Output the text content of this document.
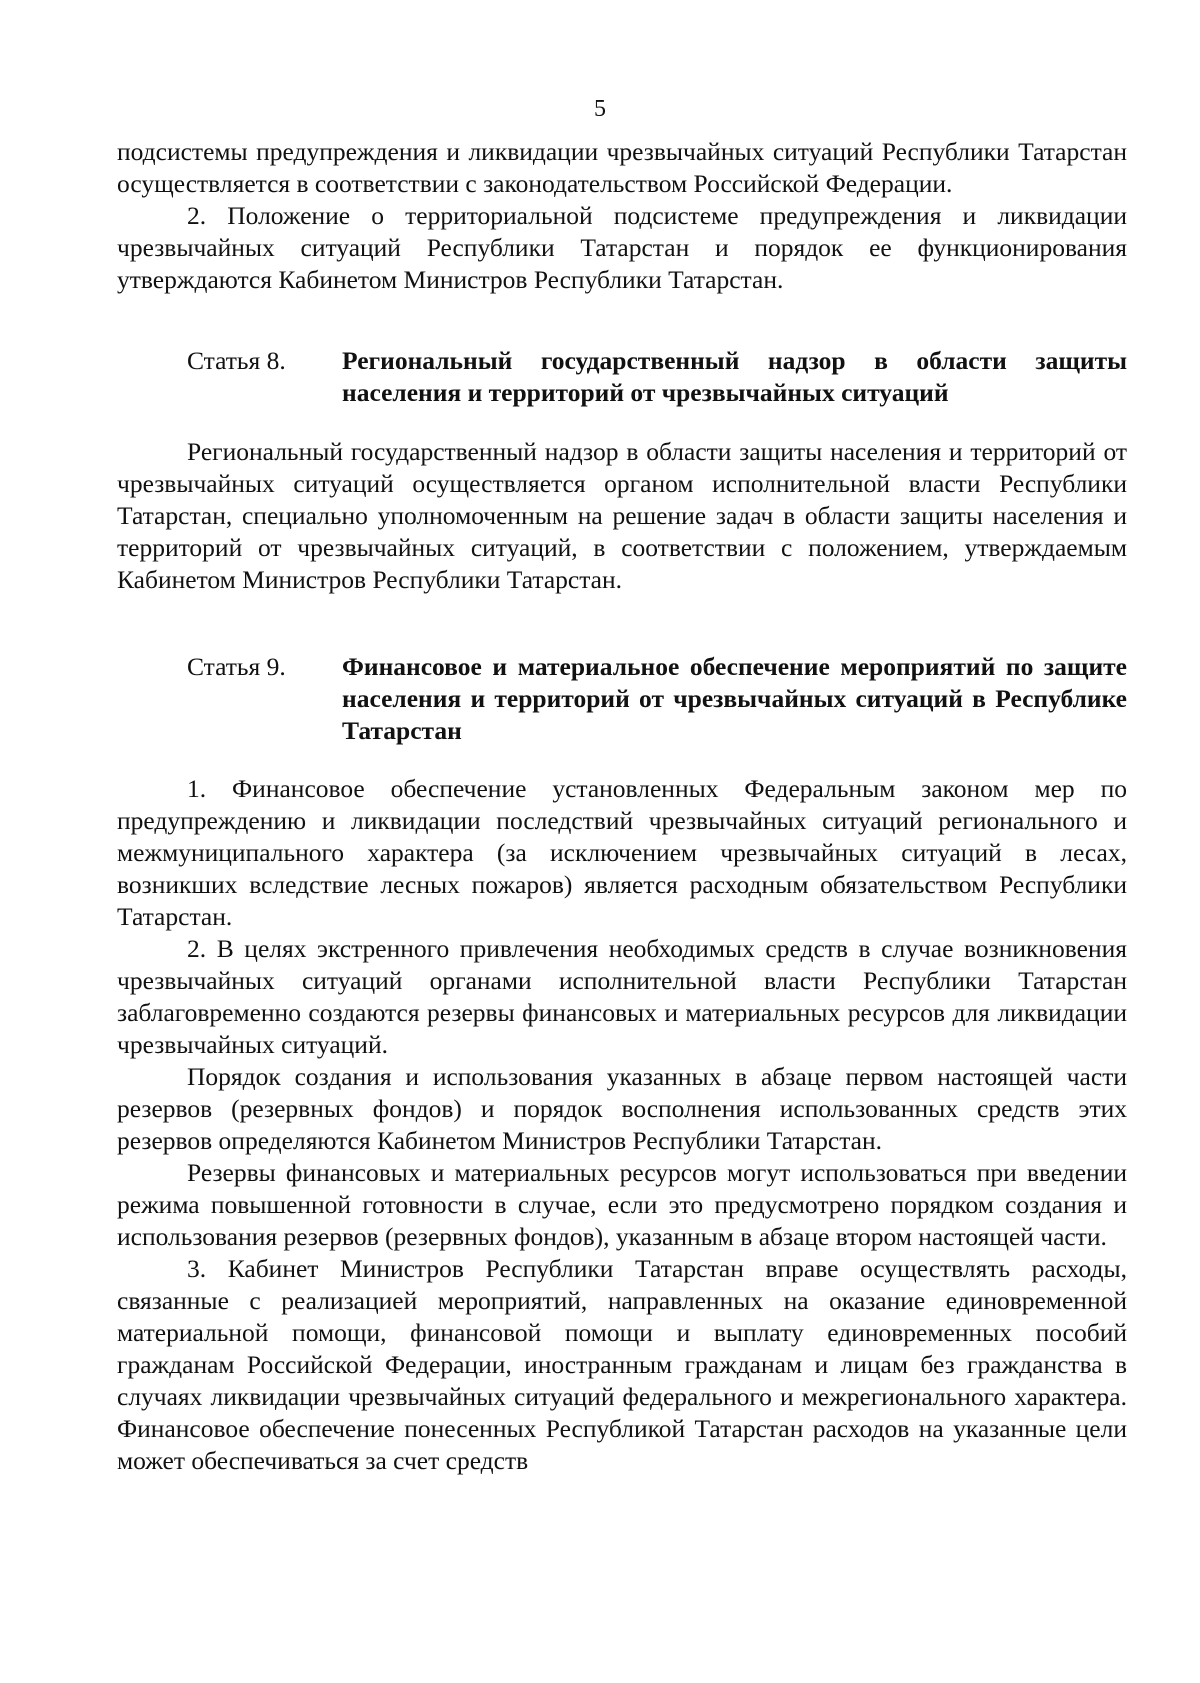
5

подсистемы предупреждения и ликвидации чрезвычайных ситуаций Республики Татарстан осуществляется в соответствии с законодательством Российской Федерации.

2. Положение о территориальной подсистеме предупреждения и ликвидации чрезвычайных ситуаций Республики Татарстан и порядок ее функционирования утверждаются Кабинетом Министров Республики Татарстан.

Статья 8.	Региональный государственный надзор в области защиты населения и территорий от чрезвычайных ситуаций

Региональный государственный надзор в области защиты населения и территорий от чрезвычайных ситуаций осуществляется органом исполнительной власти Республики Татарстан, специально уполномоченным на решение задач в области защиты населения и территорий от чрезвычайных ситуаций, в соответствии с положением, утверждаемым Кабинетом Министров Республики Татарстан.

Статья 9.	Финансовое и материальное обеспечение мероприятий по защите населения и территорий от чрезвычайных ситуаций в Республике Татарстан

1. Финансовое обеспечение установленных Федеральным законом мер по предупреждению и ликвидации последствий чрезвычайных ситуаций регионального и межмуниципального характера (за исключением чрезвычайных ситуаций в лесах, возникших вследствие лесных пожаров) является расходным обязательством Республики Татарстан.

2. В целях экстренного привлечения необходимых средств в случае возникновения чрезвычайных ситуаций органами исполнительной власти Республики Татарстан заблаговременно создаются резервы финансовых и материальных ресурсов для ликвидации чрезвычайных ситуаций.

Порядок создания и использования указанных в абзаце первом настоящей части резервов (резервных фондов) и порядок восполнения использованных средств этих резервов определяются Кабинетом Министров Республики Татарстан.

Резервы финансовых и материальных ресурсов могут использоваться при введении режима повышенной готовности в случае, если это предусмотрено порядком создания и использования резервов (резервных фондов), указанным в абзаце втором настоящей части.

3. Кабинет Министров Республики Татарстан вправе осуществлять расходы, связанные с реализацией мероприятий, направленных на оказание единовременной материальной помощи, финансовой помощи и выплату единовременных пособий гражданам Российской Федерации, иностранным гражданам и лицам без гражданства в случаях ликвидации чрезвычайных ситуаций федерального и межрегионального характера. Финансовое обеспечение понесенных Республикой Татарстан расходов на указанные цели может обеспечиваться за счет средств
